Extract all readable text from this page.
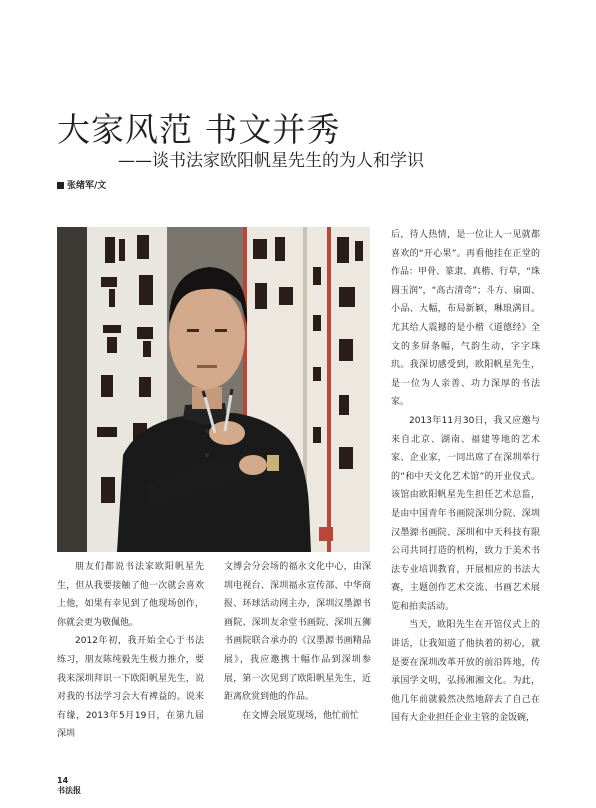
大家风范 书文并秀
——谈书法家欧阳帆星先生的为人和学识
张绪军/文

朋友们都说书法家欧阳帆星先生，但从我要接触了他一次就会喜欢上他，如果有幸见到了他现场创作，你就会更为敬佩他。

2012年初，我开始全心于书法练习，朋友陈纯毅先生极力推介，要我来深圳拜识一下欧阳帆星先生，说对我的书法学习会大有裨益的。说来有缘，2013年5月19日，在第九届深圳

文博会分会场的福永文化中心，由深圳电视台、深圳福永宣传部、中华商报、环球活动网主办，深圳汉墨源书画院、深圳友余堂书画院、深圳五狮书画院联合承办的《汉墨源书画精品展》，我应邀携十幅作品到深圳参展，第一次见到了欧阳帆星先生，近距离欣赏到他的作品。

在文博会展览现场，他忙前忙

后，待人热情，是一位让人一见就都喜欢的“开心果”。再看他挂在正堂的作品：甲骨、篆隶、真楷、行草，“珠圆玉润”，“高古清奇”；斗方、扇面、小品、大幅，布局新颖，琳琅满目。尤其给人震撼的是小楷《道德经》全文的多屏条幅，气韵生动，字字珠玑。我深切感受到，欧阳帆星先生，是一位为人亲善、功力深厚的书法家。

2013年11月30日，我又应邀与来自北京、湖南、福建等地的艺术家、企业家，一同出席了在深圳举行的“和中天文化艺术馆”的开业仪式。该馆由欧阳帆星先生担任艺术总监，是由中国青年书画院深圳分院、深圳汉墨源书画院、深圳和中天科技有限公司共同打造的机构，致力于美术书法专业培训教育，开展相应的书法大赛，主题创作艺术交流、书画艺术展览和拍卖活动。

当天，欧阳先生在开馆仪式上的讲话，让我知道了他执着的初心，就是要在深圳改革开放的前沿阵地，传承国学文明，弘扬湘湘文化。为此，他几年前就毅然决然地辞去了自己在国有大企业担任企业主管的金饭碗，

14
书法报
